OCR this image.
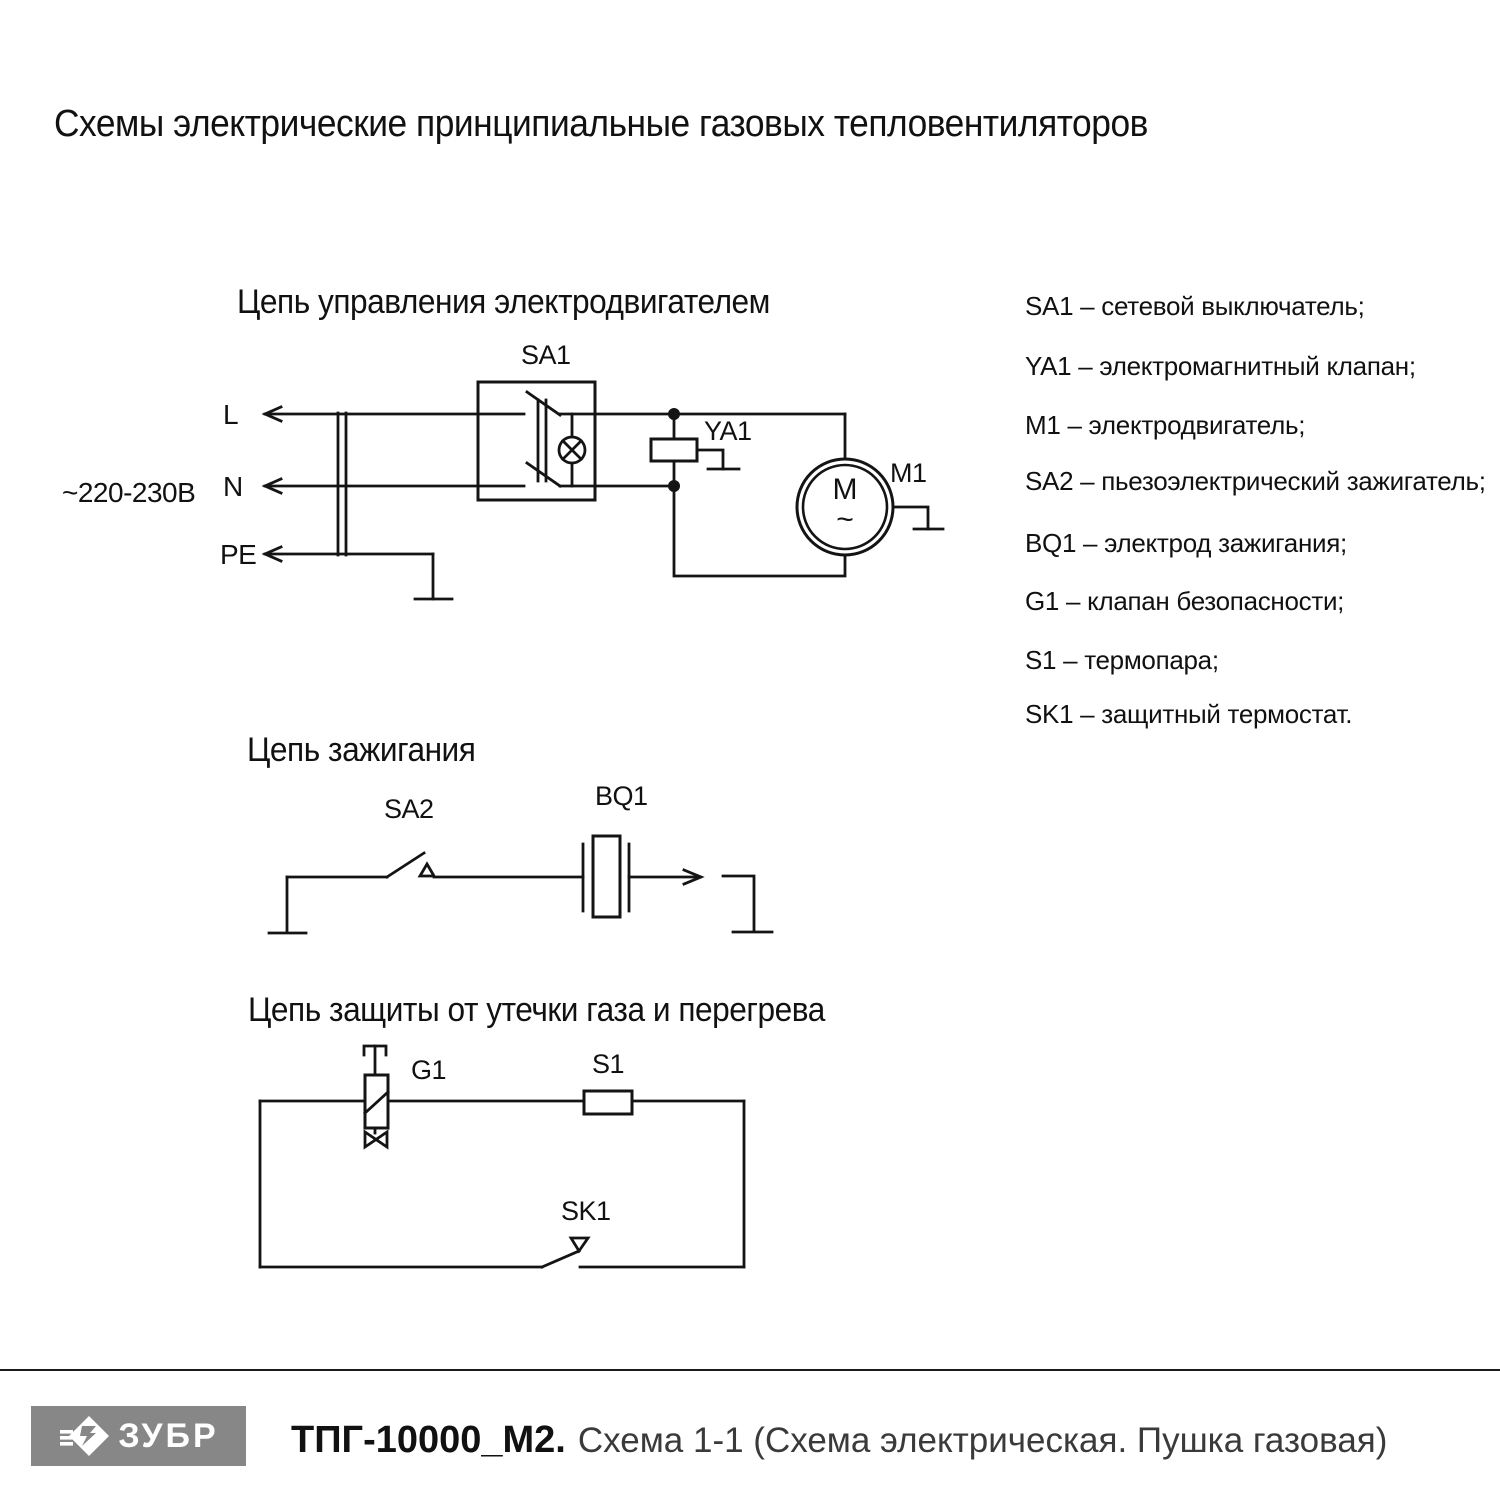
Схемы электрические принципиальные газовых тепловентиляторов
Цепь управления электродвигателем
~220-230В
L
N
PE
SA1
YA1
M1
M
~
SA1 – сетевой выключатель;
YA1 – электромагнитный клапан;
M1 – электродвигатель;
SA2 – пьезоэлектрический зажигатель;
BQ1 – электрод зажигания;
G1 – клапан безопасности;
S1 – термопара;
SK1 – защитный термостат.
Цепь зажигания
SA2	BQ1
Цепь защиты от утечки газа и перегрева
G1	S1
SK1
ЗУБР ТПГ-10000_М2. Схема 1-1 (Схема электрическая. Пушка газовая)
